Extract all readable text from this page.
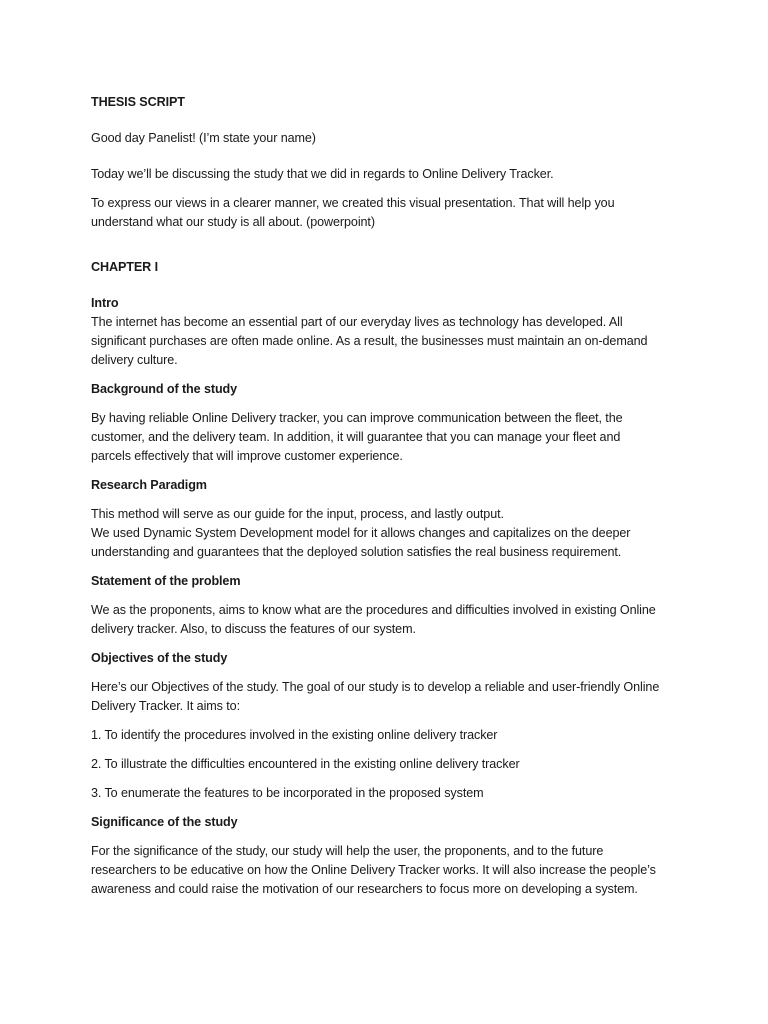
THESIS SCRIPT
Good day Panelist! (I’m state your name)
Today we’ll be discussing the study that we did in regards to Online Delivery Tracker.
To express our views in a clearer manner, we created this visual presentation. That will help you
understand what our study is all about. (powerpoint)
CHAPTER I
Intro
The internet has become an essential part of our everyday lives as technology has developed. All
significant purchases are often made online. As a result, the businesses must maintain an on-demand
delivery culture.
Background of the study
By having reliable Online Delivery tracker, you can improve communication between the fleet, the
customer, and the delivery team. In addition, it will guarantee that you can manage your fleet and
parcels effectively that will improve customer experience.
Research Paradigm
This method will serve as our guide for the input, process, and lastly output.
We used Dynamic System Development model for it allows changes and capitalizes on the deeper
understanding and guarantees that the deployed solution satisfies the real business requirement.
Statement of the problem
We as the proponents, aims to know what are the procedures and difficulties involved in existing Online
delivery tracker. Also, to discuss the features of our system.
Objectives of the study
Here’s our Objectives of the study. The goal of our study is to develop a reliable and user-friendly Online
Delivery Tracker. It aims to:
1. To identify the procedures involved in the existing online delivery tracker
2. To illustrate the difficulties encountered in the existing online delivery tracker
3. To enumerate the features to be incorporated in the proposed system
Significance of the study
For the significance of the study, our study will help the user, the proponents, and to the future
researchers to be educative on how the Online Delivery Tracker works. It will also increase the people’s
awareness and could raise the motivation of our researchers to focus more on developing a system.
